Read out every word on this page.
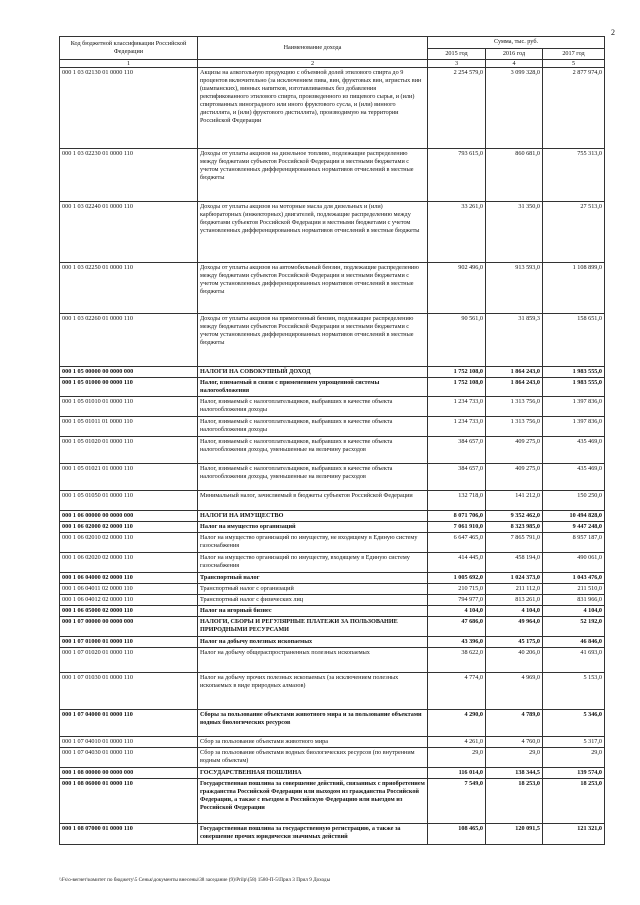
2
Код бюджетной классификации Российской Федерации	Наименование дохода	Сумма, тыс. руб.		
		2015 год	2016 год	2017 год
1	2	3	4	5
000 1 03 02130 01 0000 110	Акцизы на алкогольную продукцию с объемной долей этилового спирта до 9 процентов включительно (за исключением пива, вин, фруктовых вин, игристых вин (шампанских), винных напитков, изготавливаемых без добавления ректификованного этилового спирта, произведенного из пищевого сырья, и (или) спиртованных виноградного или иного фруктового сусла, и (или) винного дистиллята, и (или) фруктового дистиллята), производимую на территории Российской Федерации	2 254 579,0	3 099 328,0	2 877 974,0
000 1 03 02230 01 0000 110	Доходы от уплаты акцизов на дизельное топливо, подлежащие распределению между бюджетами субъектов Российской Федерации и местными бюджетами с учетом установленных дифференцированных нормативов отчислений в местные бюджеты	793 615,0	860 681,0	755 313,0
000 1 03 02240 01 0000 110	Доходы от уплаты акцизов на моторные масла для дизельных и (или) карбюраторных (инжекторных) двигателей, подлежащие распределению между бюджетами субъектов Российской Федерации и местными бюджетами с учетом установленных дифференцированных нормативов отчислений в местные бюджеты	33 261,0	31 350,0	27 513,0
000 1 03 02250 01 0000 110	Доходы от уплаты акцизов на автомобильный бензин, подлежащие распределению между бюджетами субъектов Российской Федерации и местными бюджетами с учетом установленных дифференцированных нормативов отчислений в местные бюджеты	902 496,0	913 593,0	1 108 899,0
000 1 03 02260 01 0000 110	Доходы от уплаты акцизов на прямогонный бензин, подлежащие распределению между бюджетами субъектов Российской Федерации и местными бюджетами с учетом установленных дифференцированных нормативов отчислений в местные бюджеты	90 561,0	31 859,3	158 651,0
000 1 05 00000 00 0000 000	НАЛОГИ НА СОВОКУПНЫЙ ДОХОД	1 752 108,0	1 864 243,0	1 983 555,0
000 1 05 01000 00 0000 110	Налог, взимаемый в связи с применением упрощенной системы налогообложения	1 752 108,0	1 864 243,0	1 983 555,0
000 1 05 01010 01 0000 110	Налог, взимаемый с налогоплательщиков, выбравших в качестве объекта налогообложения доходы	1 234 733,0	1 313 756,0	1 397 836,0
000 1 05 01011 01 0000 110	Налог, взимаемый с налогоплательщиков, выбравших в качестве объекта налогообложения доходы	1 234 733,0	1 313 756,0	1 397 836,0
000 1 05 01020 01 0000 110	Налог, взимаемый с налогоплательщиков, выбравших в качестве объекта налогообложения доходы, уменьшенные на величину расходов	384 657,0	409 275,0	435 469,0
000 1 05 01021 01 0000 110	Налог, взимаемый с налогоплательщиков, выбравших в качестве объекта налогообложения доходы, уменьшенные на величину расходов	384 657,0	409 275,0	435 469,0
000 1 05 01050 01 0000 110	Минимальный налог, зачисляемый в бюджеты субъектов Российской Федерации	132 718,0	141 212,0	150 250,0
000 1 06 00000 00 0000 000	НАЛОГИ НА ИМУЩЕСТВО	8 071 706,0	9 352 462,0	10 494 828,0
000 1 06 02000 02 0000 110	Налог на имущество организаций	7 061 910,0	8 323 985,0	9 447 248,0
000 1 06 02010 02 0000 110	Налог на имущество организаций по имуществу, не входящему в Единую систему газоснабжения	6 647 465,0	7 865 791,0	8 957 187,0
000 1 06 02020 02 0000 110	Налог на имущество организаций по имуществу, входящему в Единую систему газоснабжения	414 445,0	458 194,0	490 061,0
000 1 06 04000 02 0000 110	Транспортный налог	1 005 692,0	1 024 373,0	1 043 476,0
000 1 06 04011 02 0000 110	Транспортный налог с организаций	210 715,0	211 112,0	211 510,0
000 1 06 04012 02 0000 110	Транспортный налог с физических лиц	794 977,0	813 261,0	831 966,0
000 1 06 05000 02 0000 110	Налог на игорный бизнес	4 104,0	4 104,0	4 104,0
000 1 07 00000 00 0000 000	НАЛОГИ, СБОРЫ И РЕГУЛЯРНЫЕ ПЛАТЕЖИ ЗА ПОЛЬЗОВАНИЕ ПРИРОДНЫМИ РЕСУРСАМИ	47 686,0	49 964,0	52 192,0
000 1 07 01000 01 0000 110	Налог на добычу полезных ископаемых	43 396,0	45 175,0	46 846,0
000 1 07 01020 01 0000 110	Налог на добычу общераспространенных полезных ископаемых	38 622,0	40 206,0	41 693,0
000 1 07 01030 01 0000 110	Налог на добычу прочих полезных ископаемых (за исключением полезных ископаемых в виде природных алмазов)	4 774,0	4 969,0	5 153,0
000 1 07 04000 01 0000 110	Сборы за пользование объектами животного мира и за пользование объектами водных биологических ресурсов	4 290,0	4 789,0	5 346,0
000 1 07 04010 01 0000 110	Сбор за пользование объектами животного мира	4 261,0	4 760,0	5 317,0
000 1 07 04030 01 0000 110	Сбор за пользование объектами водных биологических ресурсов (по внутренним водным объектам)	29,0	29,0	29,0
000 1 08 00000 00 0000 000	ГОСУДАРСТВЕННАЯ ПОШЛИНА	116 014,0	138 344,5	139 574,0
000 1 08 06000 01 0000 110	Государственная пошлина за совершение действий, связанных с приобретением гражданства Российской Федерации или выходом из гражданства Российской Федерации, а также с въездом в Российскую Федерацию или выездом из Российской Федерации	7 549,0	18 253,0	18 253,0
000 1 08 07000 01 0000 110	Государственная пошлина за государственную регистрацию, а также за совершение прочих юридически значимых действий	108 465,0	120 091,5	121 321,0
\\Fs\o-вегнет\комитет по бюджету\5 Сеньк\документы внесены\38 заседание (9)\Prilp\(58) 1580-П-5\Прил 3 Прил 9 Доходы
